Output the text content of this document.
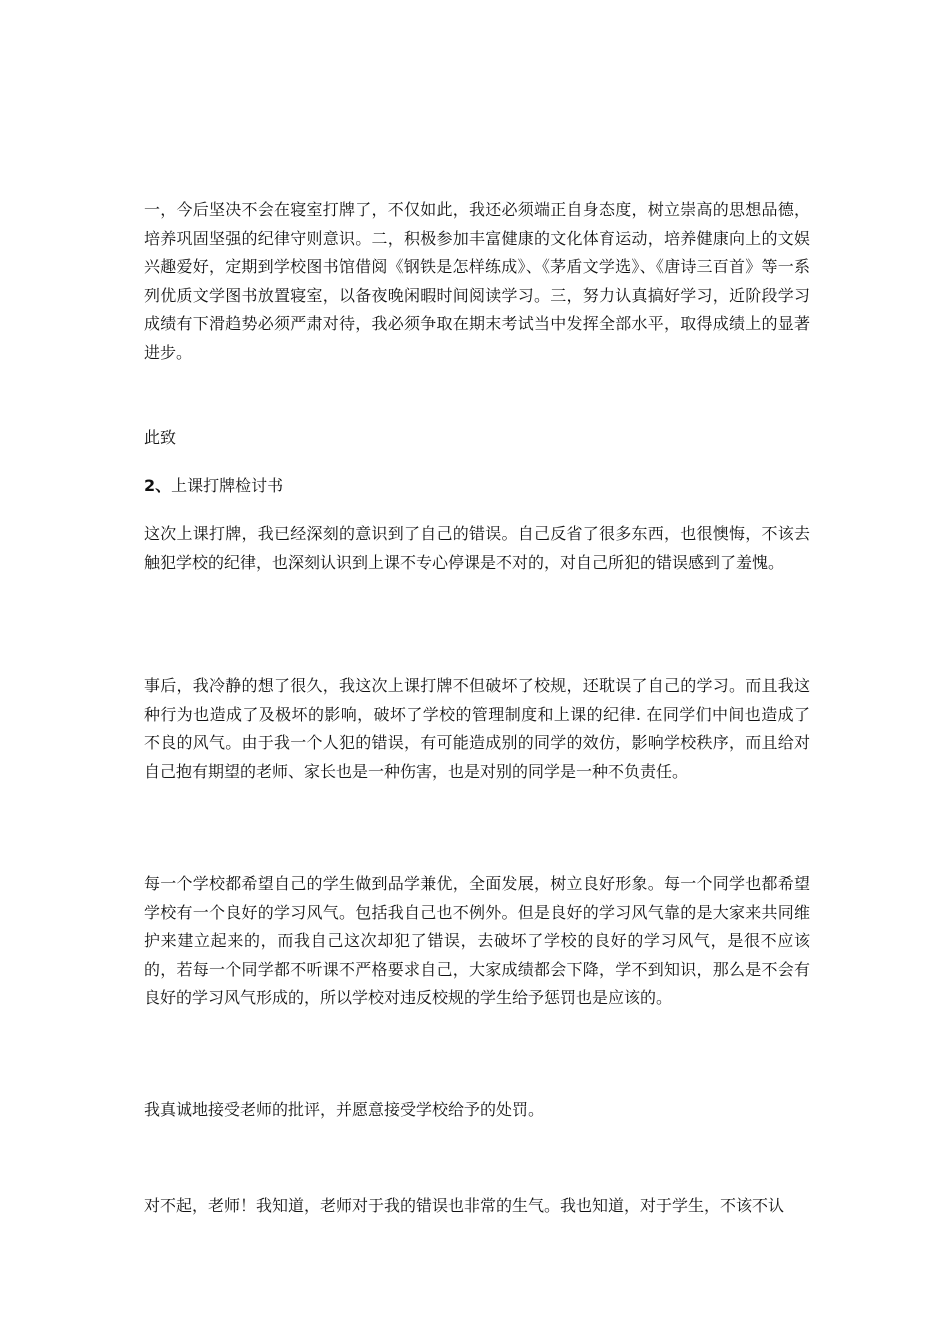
一，今后坚决不会在寝室打牌了，不仅如此，我还必须端正自身态度，树立崇高的思想品德，培养巩固坚强的纪律守则意识。二，积极参加丰富健康的文化体育运动，培养健康向上的文娱兴趣爱好，定期到学校图书馆借阅《钢铁是怎样练成》、《茅盾文学选》、《唐诗三百首》等一系列优质文学图书放置寝室，以备夜晚闲暇时间阅读学习。三，努力认真搞好学习，近阶段学习成绩有下滑趋势必须严肃对待，我必须争取在期末考试当中发挥全部水平，取得成绩上的显著进步。

此致

2、上课打牌检讨书

这次上课打牌，我已经深刻的意识到了自己的错误。自己反省了很多东西，也很懊悔，不该去触犯学校的纪律，也深刻认识到上课不专心停课是不对的，对自己所犯的错误感到了羞愧。

事后，我冷静的想了很久，我这次上课打牌不但破坏了校规，还耽误了自己的学习。而且我这种行为也造成了及极坏的影响，破坏了学校的管理制度和上课的纪律. 在同学们中间也造成了不良的风气。由于我一个人犯的错误，有可能造成别的同学的效仿，影响学校秩序，而且给对自己抱有期望的老师、家长也是一种伤害，也是对别的同学是一种不负责任。

每一个学校都希望自己的学生做到品学兼优，全面发展，树立良好形象。每一个同学也都希望学校有一个良好的学习风气。包括我自己也不例外。但是良好的学习风气靠的是大家来共同维护来建立起来的，而我自己这次却犯了错误，去破坏了学校的良好的学习风气，是很不应该的，若每一个同学都不听课不严格要求自己，大家成绩都会下降，学不到知识，那么是不会有良好的学习风气形成的，所以学校对违反校规的学生给予惩罚也是应该的。

我真诚地接受老师的批评，并愿意接受学校给予的处罚。

对不起，老师！我知道，老师对于我的错误也非常的生气。我也知道，对于学生，不该不认
